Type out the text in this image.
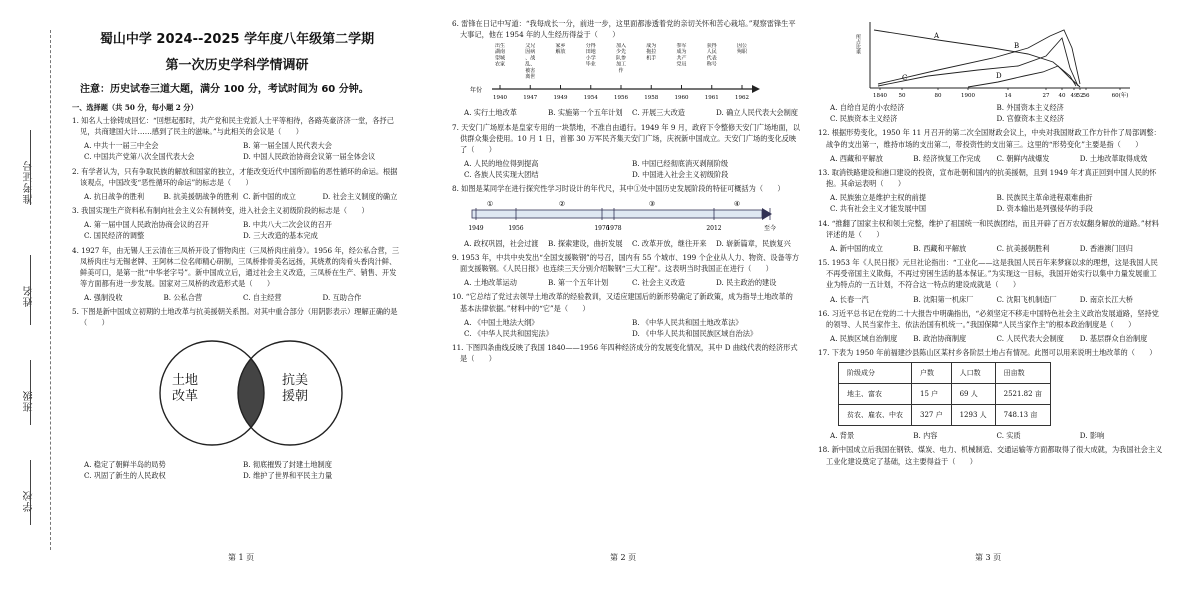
准考证号
姓名
班级
学校
蜀山中学 2024--2025 学年度八年级第二学期
第一次历史学科学情调研
注意：历史试卷三道大题，满分 100 分，考试时间为 60 分钟。
一、选择题（共 50 分，每小题 2 分）
1. 知名人士徐铸成回忆：“回想起那时，共产党和民主党派人士平等相待，各路英豪济济一堂，各抒己见，共商建国大计……感到了民主的滋味。”与此相关的会议是（　　）
A. 中共十一届三中全会	B. 第一届全国人民代表大会
C. 中国共产党第八次全国代表大会	D. 中国人民政治协商会议第一届全体会议
2. 有学者认为，只有争取民族的解放和国家的独立，才能改变近代中国所面临的恶性循环的命运。根据该观点，中国改变“恶性循环的命运”的标志是（　　）
A. 抗日战争的胜利	B. 抗美援朝战争的胜利 C. 新中国的成立	D. 社会主义制度的确立
3. 我国实现生产资料私有制向社会主义公有制转变，进入社会主义初级阶段的标志是（　　）
A. 第一届中国人民政治协商会议的召开	B. 中共八大二次会议的召开
C. 国民经济的调整	D. 三大改造的基本完成
4. 1927 年，由无锡人王云清在三凤桥开设了惜物肉庄（三凤桥肉庄前身）。1956 年，经公私合营，三凤桥肉庄与无锡老牌、王阿林二位名师精心研制，三凤桥排骨美名远扬，其烧煮的肉肴头香肉汁鲜、鲜美可口，是第一批“中华老字号”。新中国成立后，通过社会主义改造，三凤桥在生产、销售、开发等方面都有进一步发展。国家对三凤桥的改造形式是（　　）
A. 强制没收	B. 公私合营	C. 自主经营	D. 互助合作
5. 下图是新中国成立初期的土地改革与抗美援朝关系图。对其中重合部分（用阴影表示）理解正确的是（　　）
土地
改革
抗美
援朝
A. 稳定了朝鲜半岛的局势	B. 彻底摧毁了封建土地制度
C. 巩固了新生的人民政权	D. 维护了世界和平民主力量
第 1 页
6. 雷锋在日记中写道：“我每成长一分，前进一步，这里面都渗透着党的亲切关怀和苦心栽培。”观察雷锋生平大事记，他在 1954 年的人生经历得益于（　　）
年份
1940
出生湖南望城农家
1947
父兄因病、战乱、被害离世
1949
家乡解放
1954
分得田地小学毕业
1956
加入少先队参加工作
1958
成为拖拉机手
1960
参军成为共产党员
1961
获得人民代表称号
1962
因公殉职
A. 实行土地改革	B. 实施第一个五年计划	C. 开展三大改造	D. 确立人民代表大会制度
7. 天安门广场原本是皇家专用的一块禁地，不准自由通行。1949 年 9 月，政府下令整修天安门广场地面，以供群众集会使用。10 月 1 日，首都 30 万军民齐集天安门广场，庆祝新中国成立。天安门广场的变化反映了（　　）
A. 人民的地位得到提高	B. 中国已经彻底消灭剥削阶级
C. 各族人民实现大团结	D. 中国进入社会主义初级阶段
8. 如图是某同学在进行探究性学习时设计的年代尺，其中①处中国历史发展阶段的特征可概括为（　　）
1949	1956	1976
1978	2012	至今
①	②	③	④
A. 政权巩固，社会过渡	B. 探索建设，曲折发展	C. 改革开放，继往开来	D. 崭新篇章，民族复兴
9. 1953 年，中共中央发出“全国支援鞍钢”的号召，国内有 55 个城市、199 个企业从人力、物资、设备等方面支援鞍钢。《人民日报》也连续三天分别介绍鞍钢“三大工程”。这表明当时我国正在进行（　　）
A. 土地改革运动	B. 第一个五年计划	C. 社会主义改造	D. 民主政治的建设
10. “它总结了党过去领导土地改革的经验教训，又适应建国后的新形势确定了新政策，成为指导土地改革的基本法律依据。”材料中的“它”是（　　）
A. 《中国土地法大纲》	B. 《中华人民共和国土地改革法》
C. 《中华人民共和国宪法》	D. 《中华人民共和国民族区域自治法》
11. 下图四条曲线反映了我国 1840——1956 年四种经济成分的发展变化情况，其中 D 曲线代表的经济形式是（　　）
第 2 页
所占比重	A
B
C	D
1840 50	80	1900	14	27 40 49 52 56	60(年)
A. 自给自足的小农经济	B. 外国资本主义经济
C. 民族资本主义经济	D. 官僚资本主义经济
12. 根据形势变化，1950 年 11 月召开的第二次全国财政会议上，中央对我国财政工作方针作了局部调整：战争的支出第一，维持市场的支出第二，带投资性的支出第三。这里的“形势变化”主要是指（　　）
A. 西藏和平解放	B. 经济恢复工作完成	C. 朝鲜内战爆发	D. 土地改革取得成效
13. 取消铁路建设和港口建设的投资，宣布赴朝和国内的抗美援朝，且到 1949 年才真正回到中国人民的怀抱。其命运表明（　　）
A. 民族独立是维护主权的前提	B. 民族民主革命进程艰难曲折
C. 共有社会主义才能发展中国	D. 资本输出是列强侵华的手段
14. “推翻了国家主权和领土完整，维护了祖国统一和民族团结，而且开辟了百万农奴翻身解放的道路。”材料评述的是（　　）
A. 新中国的成立	B. 西藏和平解放	C. 抗美援朝胜利	D. 香港澳门回归
15. 1953 年《人民日报》元旦社论指出：“工业化——这是我国人民百年来梦寐以求的理想，这是我国人民不再受帝国主义欺侮，不再过穷困生活的基本保证。”为实现这一目标，我国开始实行以集中力量发展重工业为特点的一五计划，不符合这一特点的建设成就是（　　）
A. 长春一汽	B. 沈阳第一机床厂	C. 沈阳飞机制造厂	D. 南京长江大桥
16. 习近平总书记在党的二十大报告中明确指出，“必须坚定不移走中国特色社会主义政治发展道路，坚持党的领导、人民当家作主、依法治国有机统一。”我国保障“人民当家作主”的根本政治制度是（　　）
A. 民族区域自治制度	B. 政治协商制度	C. 人民代表大会制度	D. 基层群众自治制度
17. 下表为 1950 年前福建沙县陈山区某村乡各阶层土地占有情况。此图可以用来说明土地改革的（　　）
阶级成分	户数	人口数	田亩数
地主、富农	15 户	69 人	2521.82 亩
贫农、雇农、中农	327 户	1293 人	748.13 亩
A. 背景	B. 内容	C. 实质	D. 影响
18. 新中国成立后我国在钢铁、煤炭、电力、机械制造、交通运输等方面都取得了很大成就，为我国社会主义工业化建设奠定了基础，这主要得益于（　　）
第 3 页
